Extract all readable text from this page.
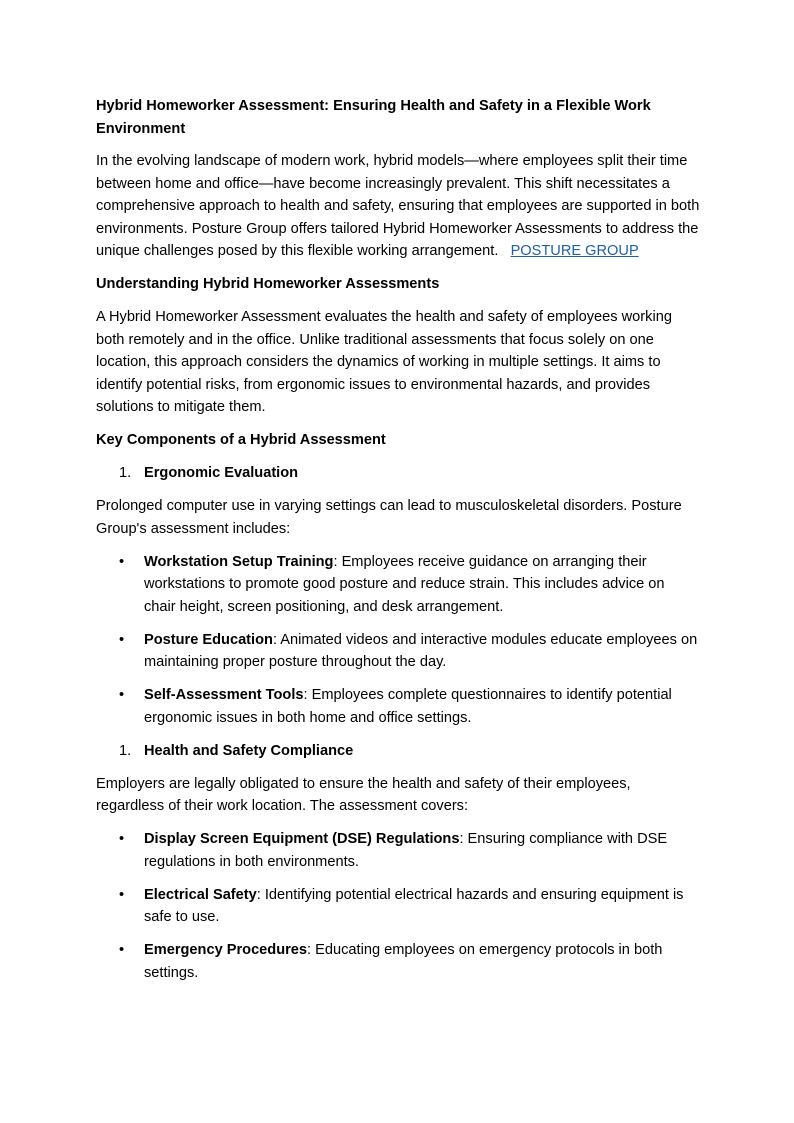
Hybrid Homeworker Assessment: Ensuring Health and Safety in a Flexible Work Environment

In the evolving landscape of modern work, hybrid models—where employees split their time between home and office—have become increasingly prevalent. This shift necessitates a comprehensive approach to health and safety, ensuring that employees are supported in both environments. Posture Group offers tailored Hybrid Homeworker Assessments to address the unique challenges posed by this flexible working arrangement. POSTURE GROUP

Understanding Hybrid Homeworker Assessments

A Hybrid Homeworker Assessment evaluates the health and safety of employees working both remotely and in the office. Unlike traditional assessments that focus solely on one location, this approach considers the dynamics of working in multiple settings. It aims to identify potential risks, from ergonomic issues to environmental hazards, and provides solutions to mitigate them.

Key Components of a Hybrid Assessment

1. Ergonomic Evaluation

Prolonged computer use in varying settings can lead to musculoskeletal disorders. Posture Group's assessment includes:

• Workstation Setup Training: Employees receive guidance on arranging their workstations to promote good posture and reduce strain. This includes advice on chair height, screen positioning, and desk arrangement.
• Posture Education: Animated videos and interactive modules educate employees on maintaining proper posture throughout the day.
• Self-Assessment Tools: Employees complete questionnaires to identify potential ergonomic issues in both home and office settings.
1. Health and Safety Compliance

Employers are legally obligated to ensure the health and safety of their employees, regardless of their work location. The assessment covers:

• Display Screen Equipment (DSE) Regulations: Ensuring compliance with DSE regulations in both environments.
• Electrical Safety: Identifying potential electrical hazards and ensuring equipment is safe to use.
• Emergency Procedures: Educating employees on emergency protocols in both settings.
